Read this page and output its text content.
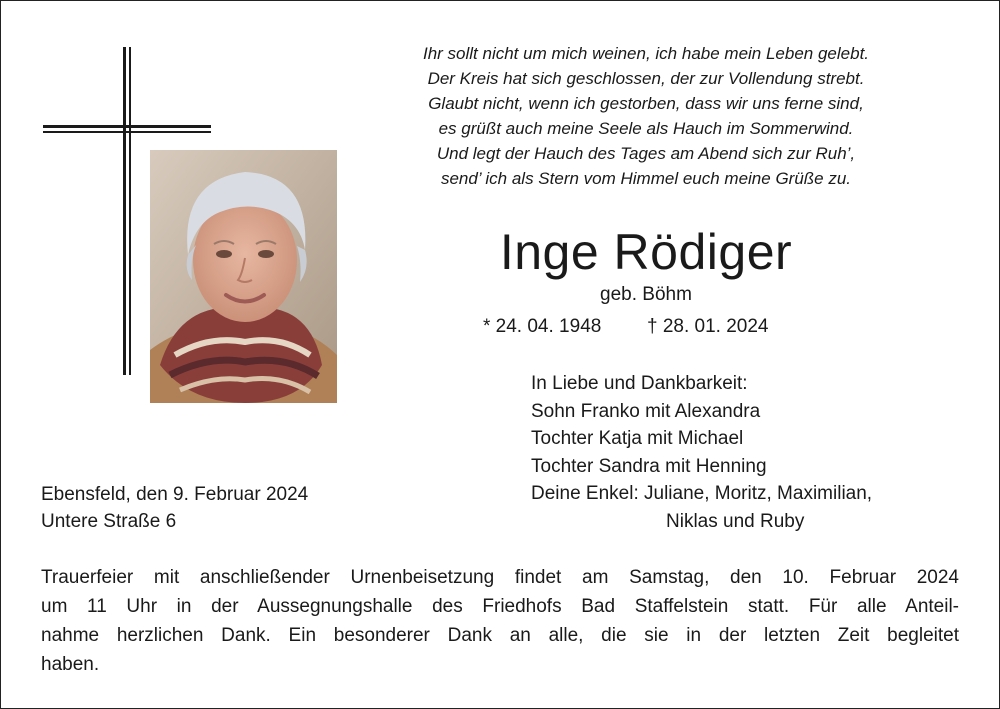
Ihr sollt nicht um mich weinen, ich habe mein Leben gelebt.
Der Kreis hat sich geschlossen, der zur Vollendung strebt.
Glaubt nicht, wenn ich gestorben, dass wir uns ferne sind,
es grüßt auch meine Seele als Hauch im Sommerwind.
Und legt der Hauch des Tages am Abend sich zur Ruh’,
send’ ich als Stern vom Himmel euch meine Grüße zu.
Inge Rödiger
geb. Böhm
* 24. 04. 1948 † 28. 01. 2024
In Liebe und Dankbarkeit:
Sohn Franko mit Alexandra
Tochter Katja mit Michael
Tochter Sandra mit Henning
Deine Enkel: Juliane, Moritz, Maximilian,
Niklas und Ruby
Ebensfeld, den 9. Februar 2024
Untere Straße 6
Trauerfeier mit anschließender Urnenbeisetzung findet am Samstag, den 10. Februar 2024
um 11 Uhr in der Aussegnungshalle des Friedhofs Bad Staffelstein statt. Für alle Anteil-
nahme herzlichen Dank. Ein besonderer Dank an alle, die sie in der letzten Zeit begleitet
haben.
